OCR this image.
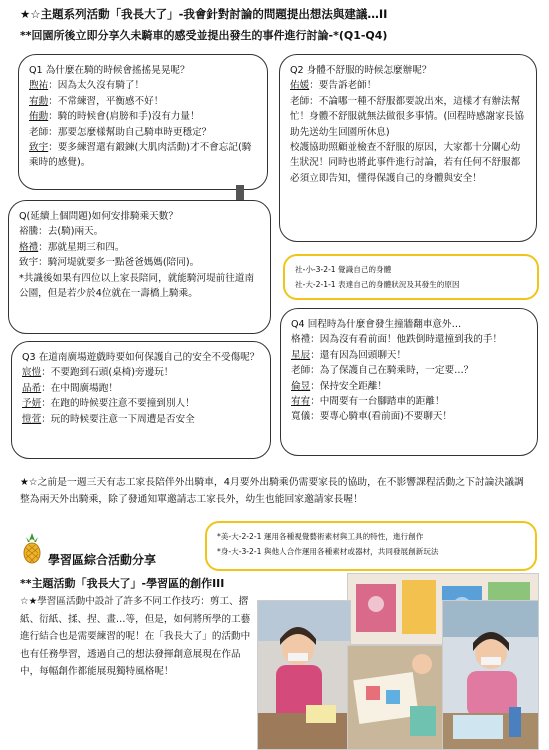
★☆主題系列活動「我長大了」-我會針對討論的問題提出想法與建議…II
**回園所後立即分享久未騎車的感受並提出發生的事件進行討論-*(Q1-Q4)

Q1 為什麼在騎的時候會搖搖晃晃呢？

煦祐：因為太久沒有騎了！

宥勳：不常練習，平衡感不好！

侑勳：騎的時候會(肩膀和手)沒有力量！

老師：那要怎麼樣幫助自己騎車時更穩定？

致宇：要多練習還有鍛鍊(大肌肉活動)才不會忘記(騎乘時的感覺)。

Q2 身體不舒服的時候怎麼辦呢？

佑媛：要告訴老師！

老師：不論哪一種不舒服都要說出來，這樣才有辦法幫忙！身體不舒服就無法做很多事情。(回程時感謝家長協助先送幼生回園所休息)

校護協助照顧並檢查不舒服的原因，大家都十分關心幼生狀況！同時也將此事件進行討論，若有任何不舒服都必須立即告知，懂得保護自己的身體與安全！

Q(延續上個問題)如何安排騎乘天數？

裕騰：去(騎)兩天。

格禮：那就星期三和四。

致宇：騎河堤就要多一點爸爸媽媽(陪同)。

*共識後如果有四位以上家長陪同，就能騎河堤前往道南公園，但是若少於4位就在一壽橋上騎乘。

社-小-3-2-1 覺識自己的身體
社-大-2-1-1 表達自己的身體狀況及其發生的原因

Q3 在道南廣場遊戲時要如何保護自己的安全不受傷呢？

宸愷：不要跑到石頭(桌椅)旁邊玩！

品希：在中間廣場跑！

予妍：在跑的時候要注意不要撞到別人！

愷萱：玩的時候要注意一下周遭是否安全

Q4 回程時為什麼會發生撞牆翻車意外…

格禮：因為沒有看前面！他跌倒時還撞到我的手！

星辰：還有因為回頭聊天！

老師：為了保護自己在騎乘時，一定要…？

倫昱：保持安全距離！

宥宥：中間要有一台腳踏車的距離！

寬儀：要專心騎車(看前面)不要聊天！

★☆之前是一週三天有志工家長陪伴外出騎車，4月要外出騎乘仍需要家長的協助，在不影響課程活動之下討論決議調整為兩天外出騎乘，除了發通知單邀請志工家長外，幼生也能回家邀請家長喔！
*美-大-2-2-1 運用各種視覺藝術素材與工具的特性，進行創作
*身-大-3-2-1 與他人合作運用各種素材或器材，共同發展創新玩法
學習區綜合活動分享
**主題活動「我長大了」-學習區的創作III
☆★學習區活動中設計了許多不同工作技巧：剪工、摺紙、衍紙、揉、捏、畫…等，但是，如何將所學的工藝進行結合也是需要練習的呢！在「我長大了」的活動中也有任務學習，透過自己的想法發揮創意展現在作品中，每幅創作都能展現獨特風格呢！
